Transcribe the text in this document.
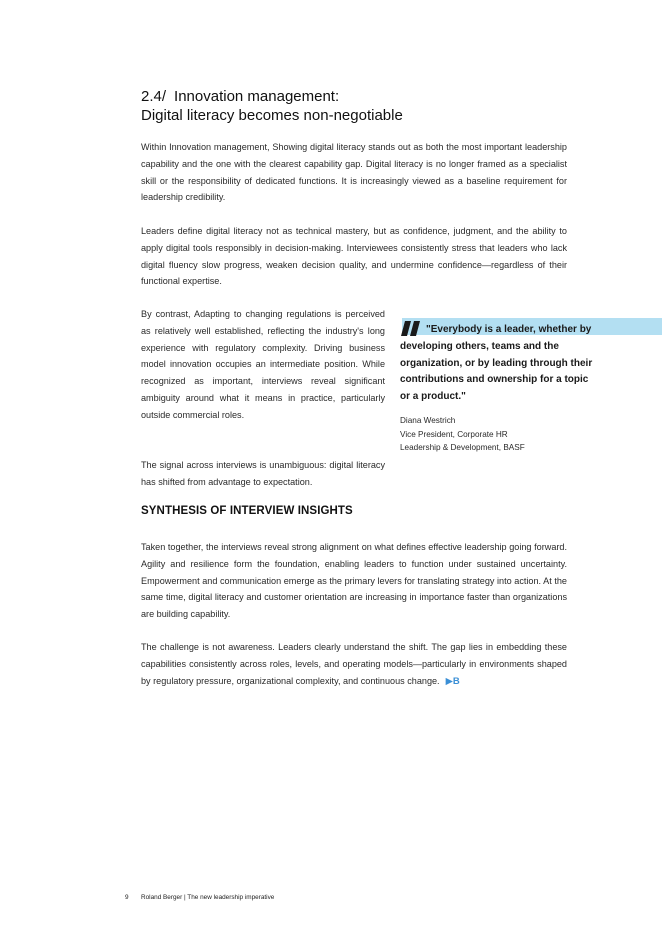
2.4/ Innovation management:
Digital literacy becomes non-negotiable
Within Innovation management, Showing digital literacy stands out as both the most important leadership capability and the one with the clearest capability gap. Digital literacy is no longer framed as a specialist skill or the responsibility of dedicated functions. It is increasingly viewed as a baseline requirement for leadership credibility.
Leaders define digital literacy not as technical mastery, but as confidence, judgment, and the ability to apply digital tools responsibly in decision-making. Interviewees consistently stress that leaders who lack digital fluency slow progress, weaken decision quality, and undermine confidence—regardless of their functional expertise.
By contrast, Adapting to changing regulations is perceived as relatively well established, reflecting the industry's long experience with regulatory complexity. Driving business model innovation occupies an intermediate position. While recognized as important, interviews reveal significant ambiguity around what it means in practice, particularly outside commercial roles.
The signal across interviews is unambiguous: digital literacy has shifted from advantage to expectation.
"Everybody is a leader, whether by developing others, teams and the organization, or by leading through their contributions and ownership for a topic or a product."
Diana Westrich
Vice President, Corporate HR
Leadership & Development, BASF
SYNTHESIS OF INTERVIEW INSIGHTS
Taken together, the interviews reveal strong alignment on what defines effective leadership going forward. Agility and resilience form the foundation, enabling leaders to function under sustained uncertainty. Empowerment and communication emerge as the primary levers for translating strategy into action. At the same time, digital literacy and customer orientation are increasing in importance faster than organizations are building capability.
The challenge is not awareness. Leaders clearly understand the shift. The gap lies in embedding these capabilities consistently across roles, levels, and operating models—particularly in environments shaped by regulatory pressure, organizational complexity, and continuous change. ▶B
9 Roland Berger | The new leadership imperative
